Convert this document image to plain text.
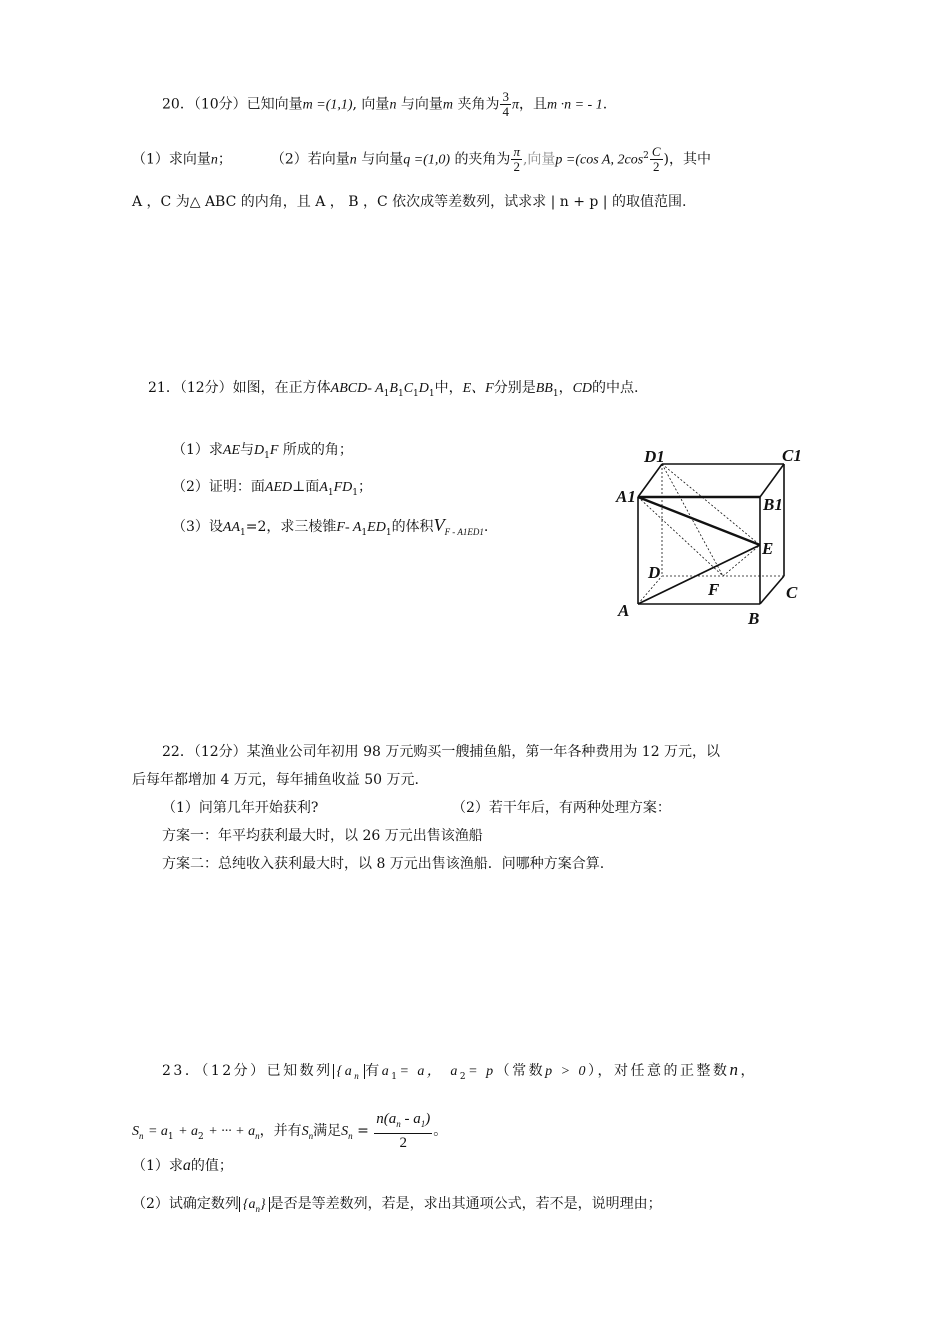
20．（10分）已知向量m =(1,1), 向量n 与向量m 夹角为 $\frac{3}{4}$ π，且m ·n = - 1.
（1）求向量n；	（2）若向量n 与向量q =(1,0) 的夹角为 $\frac{\pi}{2}$ ,向量p =(cos A, $2\cos^2 \frac{C}{2}$ )，其中
A ，C 为△ ABC 的内角，且 A ， B ，C 依次成等差数列，试求求 | n + p | 的取值范围.
21．（12分）如图，在正方体ABCD- $A_1B_1C_1D_1$中，E、F分别是$BB_1$，CD的中点.
（1）求AE与$D_1F$ 所成的角；
（2）证明：面AED⊥面$A_1FD_1$；
（3）设$AA_1=2$，求三棱锥F- $A_1ED_1$的体积$V_{F - A1ED1}$.
D1	C1
A1	B1
E
D
F
A	B
C
22．（12分）某渔业公司年初用 98 万元购买一艘捕鱼船，第一年各种费用为 12 万元，以
后每年都增加 4 万元，每年捕鱼收益 50 万元.
（1）问第几年开始获利?	（2）若干年后，有两种处理方案：
方案一：年平均获利最大时，以 26 万元出售该渔船
方案二：总纯收入获利最大时，以 8 万元出售该渔船．问哪种方案合算.
23．（12分）已知数列 {$a_n$ 有$a_1= a$， $a_2= p$（常数p > 0），对任意的正整数n，
$S_n = a_1 + a_2$ + ··· + $a_n$，并有$S_n$满足$S_n = \frac{n(a_n - a_1)}{2}$ 。
（1）求a的值；
（2）试确定数列 $\{a_n\}$ 是否是等差数列，若是，求出其通项公式，若不是，说明理由；
